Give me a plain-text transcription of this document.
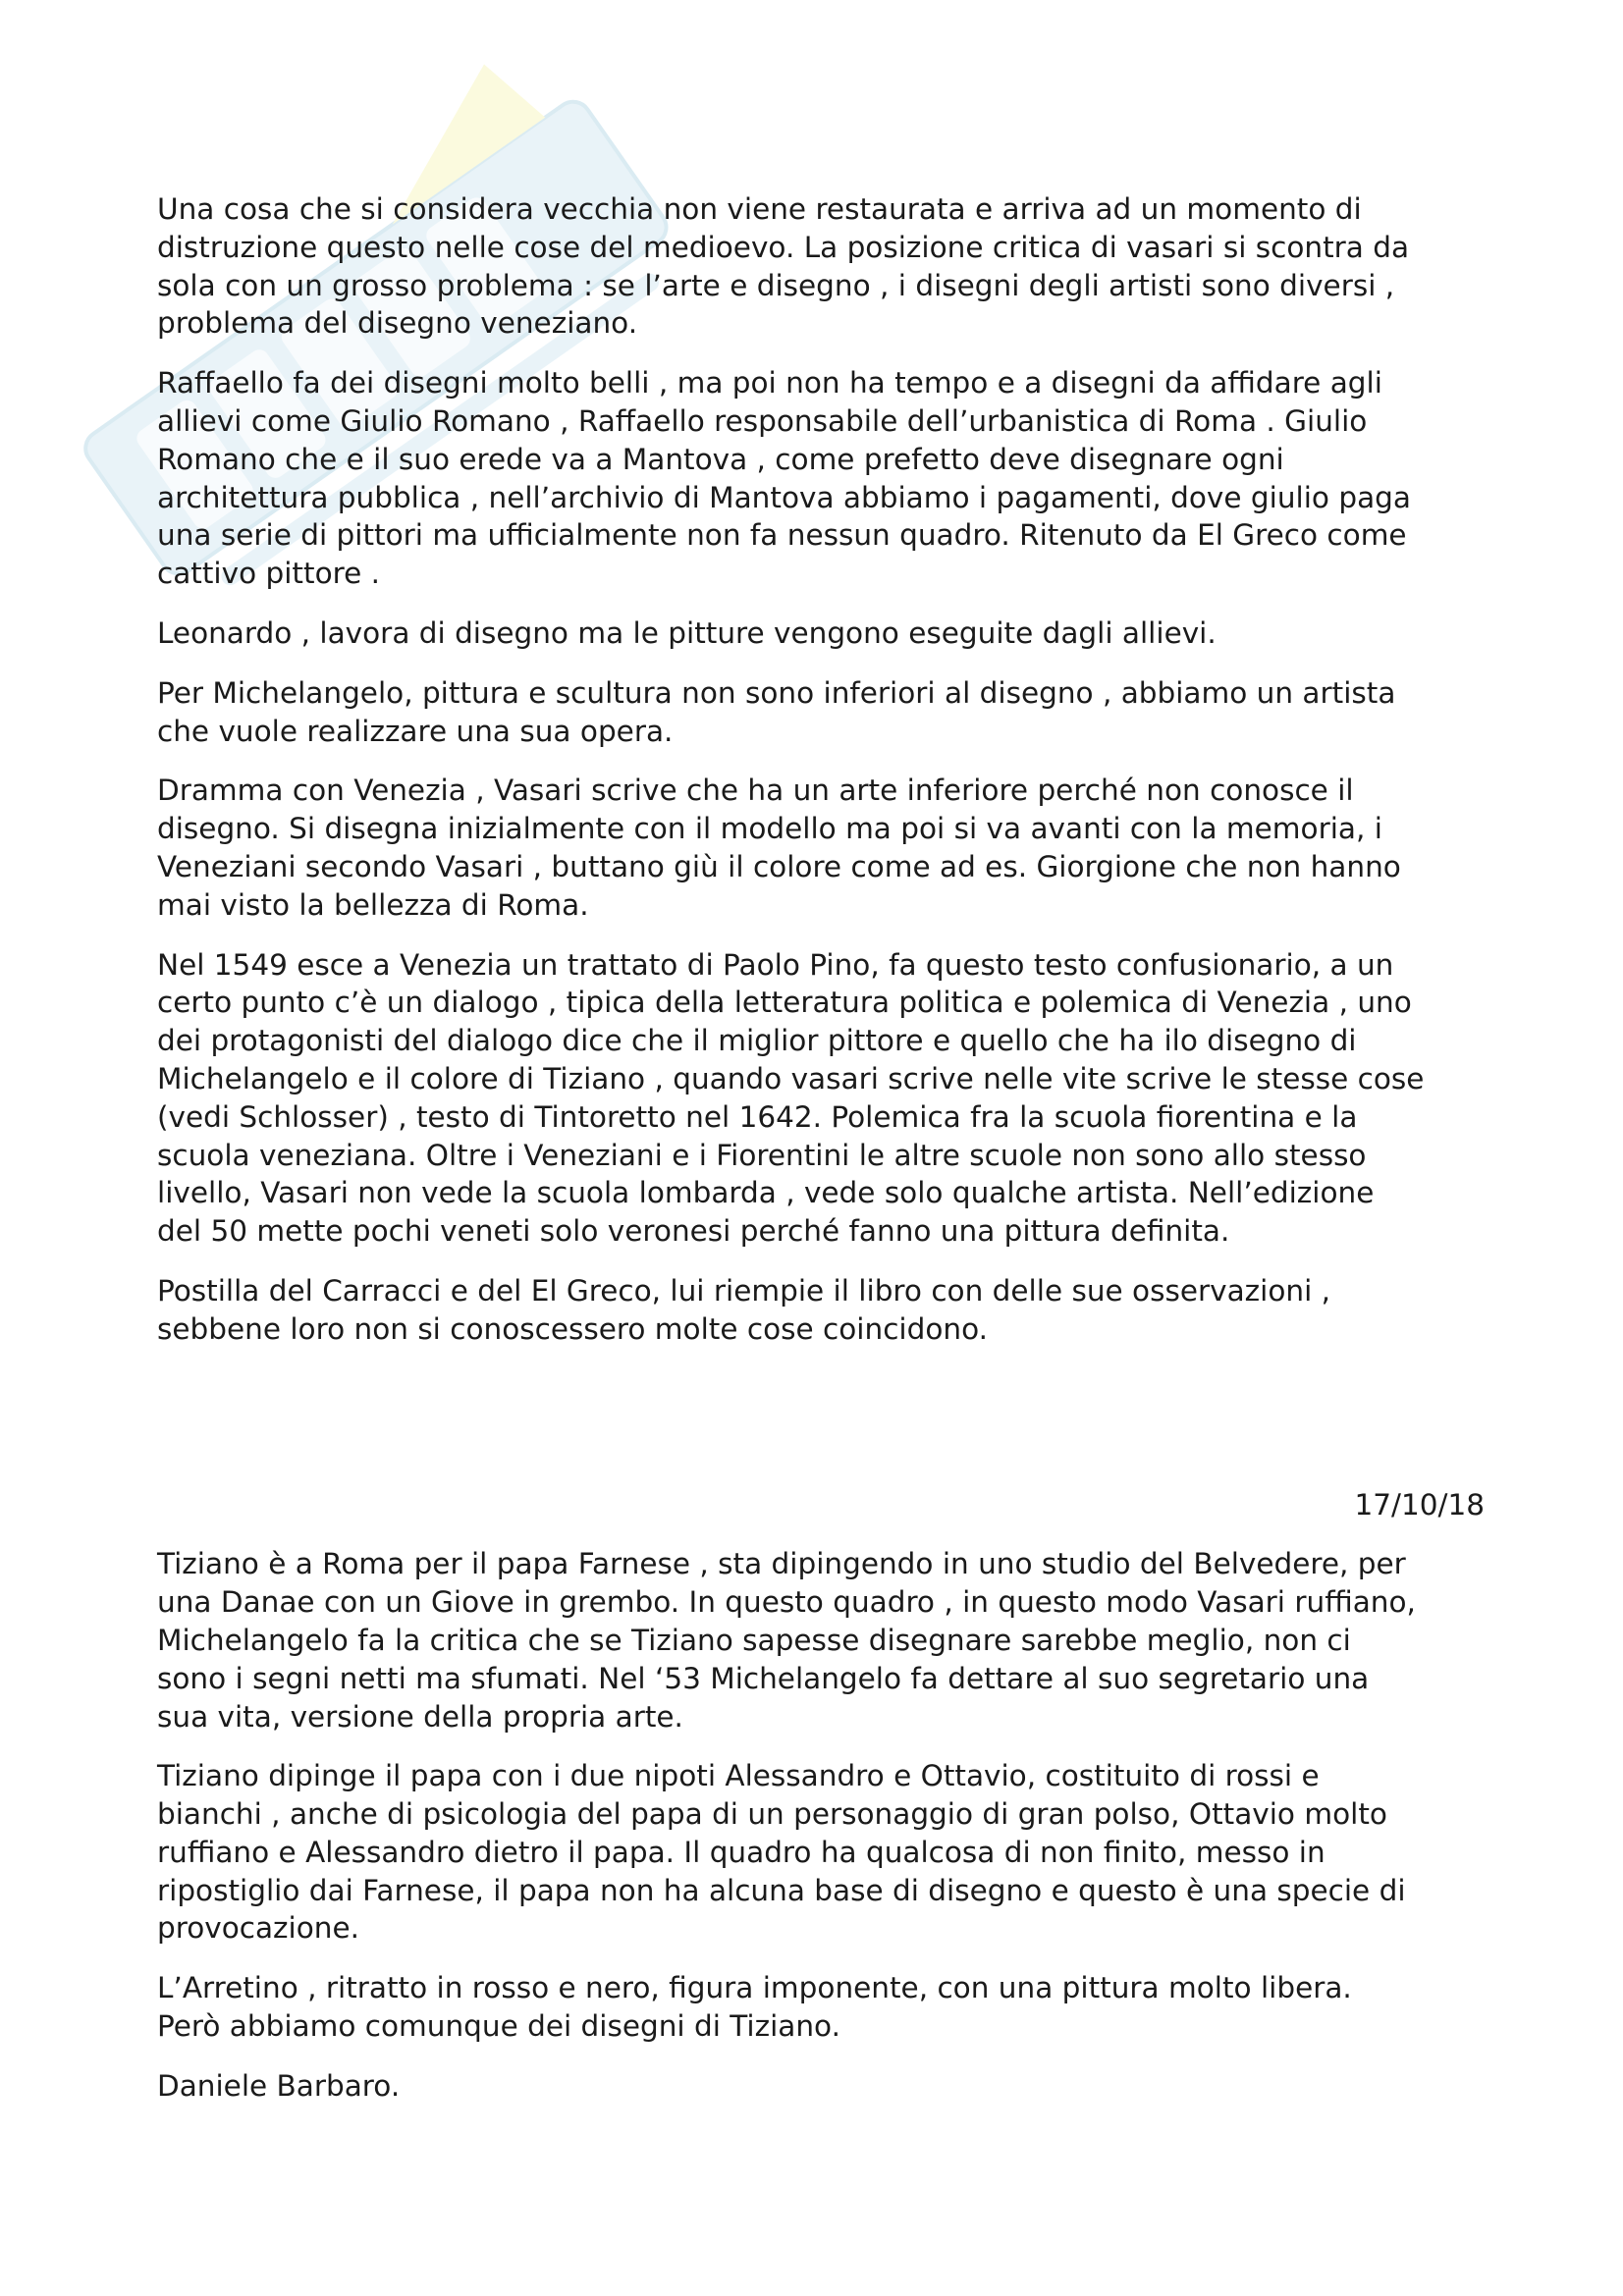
Una cosa che si considera vecchia non viene restaurata e arriva ad un momento di
distruzione questo nelle cose del medioevo. La posizione critica di vasari si scontra da
sola con un grosso problema : se l’arte e disegno , i disegni degli artisti sono diversi ,
problema del disegno veneziano.

Raffaello fa dei disegni molto belli , ma poi non ha tempo e a disegni da affidare agli
allievi come Giulio Romano , Raffaello responsabile dell’urbanistica di Roma . Giulio
Romano che e il suo erede va a Mantova , come prefetto deve disegnare ogni
architettura pubblica , nell’archivio di Mantova abbiamo i pagamenti, dove giulio paga
una serie di pittori ma ufficialmente non fa nessun quadro. Ritenuto da El Greco come
cattivo pittore .

Leonardo , lavora di disegno ma le pitture vengono eseguite dagli allievi.

Per Michelangelo, pittura e scultura non sono inferiori al disegno , abbiamo un artista
che vuole realizzare una sua opera.

Dramma con Venezia , Vasari scrive che ha un arte inferiore perché non conosce il
disegno. Si disegna inizialmente con il modello ma poi si va avanti con la memoria, i
Veneziani secondo Vasari , buttano giù il colore come ad es. Giorgione che non hanno
mai visto la bellezza di Roma.

Nel 1549 esce a Venezia un trattato di Paolo Pino, fa questo testo confusionario, a un
certo punto c’è un dialogo , tipica della letteratura politica e polemica di Venezia , uno
dei protagonisti del dialogo dice che il miglior pittore e quello che ha ilo disegno di
Michelangelo e il colore di Tiziano , quando vasari scrive nelle vite scrive le stesse cose
(vedi Schlosser) , testo di Tintoretto nel 1642. Polemica fra la scuola fiorentina e la
scuola veneziana. Oltre i Veneziani e i Fiorentini le altre scuole non sono allo stesso
livello, Vasari non vede la scuola lombarda , vede solo qualche artista. Nell’edizione
del 50 mette pochi veneti solo veronesi perché fanno una pittura definita.

Postilla del Carracci e del El Greco, lui riempie il libro con delle sue osservazioni ,
sebbene loro non si conoscessero molte cose coincidono.

17/10/18

Tiziano è a Roma per il papa Farnese , sta dipingendo in uno studio del Belvedere, per
una Danae con un Giove in grembo. In questo quadro , in questo modo Vasari ruffiano,
Michelangelo fa la critica che se Tiziano sapesse disegnare sarebbe meglio, non ci
sono i segni netti ma sfumati. Nel ‘53 Michelangelo fa dettare al suo segretario una
sua vita, versione della propria arte.

Tiziano dipinge il papa con i due nipoti Alessandro e Ottavio, costituito di rossi e
bianchi , anche di psicologia del papa di un personaggio di gran polso, Ottavio molto
ruffiano e Alessandro dietro il papa. Il quadro ha qualcosa di non finito, messo in
ripostiglio dai Farnese, il papa non ha alcuna base di disegno e questo è una specie di
provocazione.

L’Arretino , ritratto in rosso e nero, figura imponente, con una pittura molto libera.
Però abbiamo comunque dei disegni di Tiziano.

Daniele Barbaro.
